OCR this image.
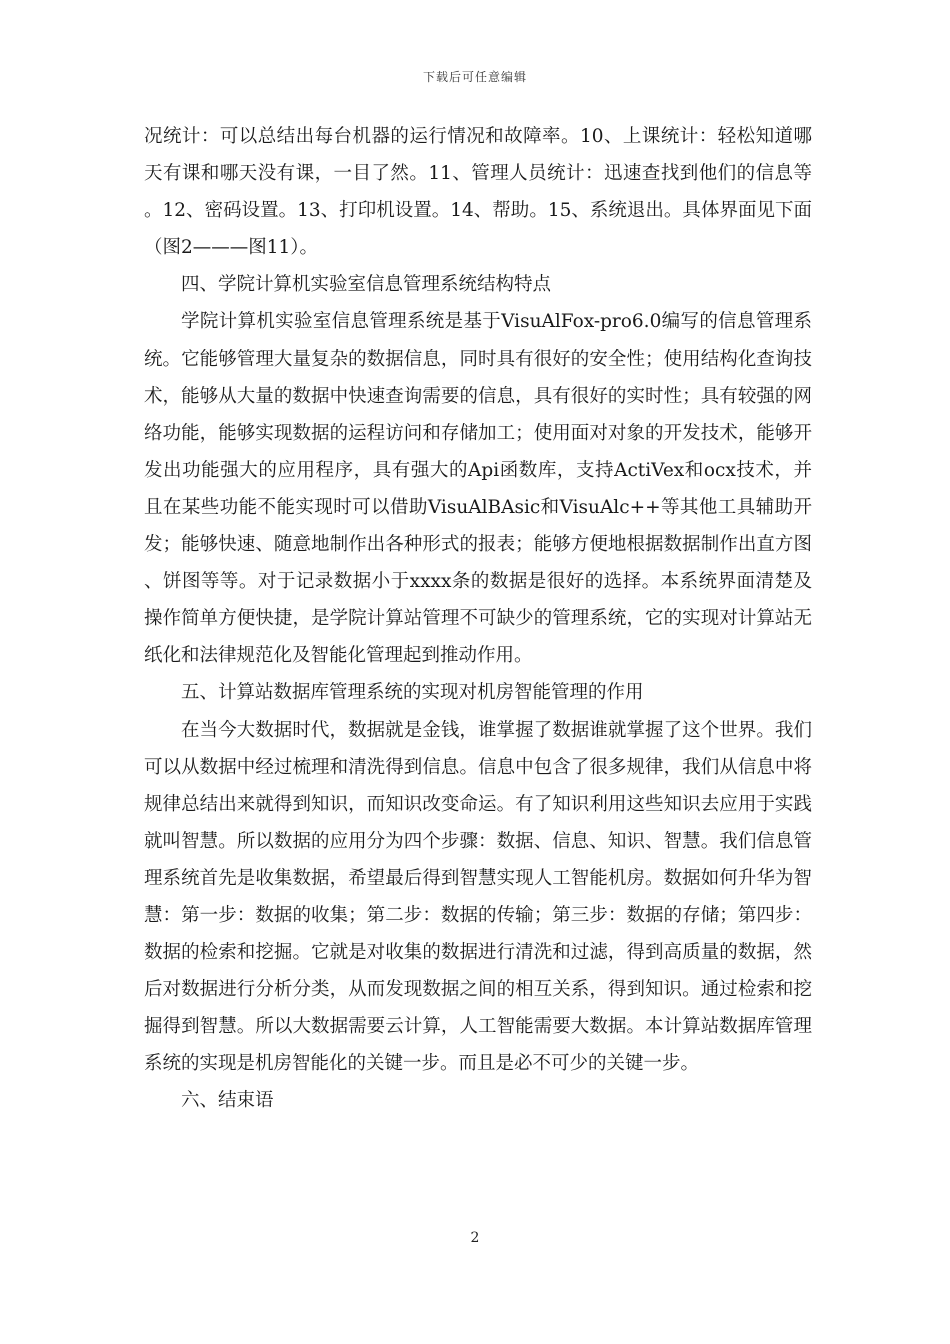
下载后可任意编辑

况统计：可以总结出每台机器的运行情况和故障率。10、上课统计：轻松知道哪天有课和哪天没有课，一目了然。11、管理人员统计：迅速查找到他们的信息等。12、密码设置。13、打印机设置。14、帮助。15、系统退出。具体界面见下面（图2———图11）。

四、学院计算机实验室信息管理系统结构特点

学院计算机实验室信息管理系统是基于VisuAlFox-pro6.0编写的信息管理系统。它能够管理大量复杂的数据信息，同时具有很好的安全性；使用结构化查询技术，能够从大量的数据中快速查询需要的信息，具有很好的实时性；具有较强的网络功能，能够实现数据的运程访问和存储加工；使用面对对象的开发技术，能够开发出功能强大的应用程序，具有强大的Api函数库，支持ActiVex和ocx技术，并且在某些功能不能实现时可以借助VisuAlBAsic和VisuAlc++等其他工具辅助开发；能够快速、随意地制作出各种形式的报表；能够方便地根据数据制作出直方图、饼图等等。对于记录数据小于xxxx条的数据是很好的选择。本系统界面清楚及操作简单方便快捷，是学院计算站管理不可缺少的管理系统，它的实现对计算站无纸化和法律规范化及智能化管理起到推动作用。

五、计算站数据库管理系统的实现对机房智能管理的作用

在当今大数据时代，数据就是金钱，谁掌握了数据谁就掌握了这个世界。我们可以从数据中经过梳理和清洗得到信息。信息中包含了很多规律，我们从信息中将规律总结出来就得到知识，而知识改变命运。有了知识利用这些知识去应用于实践就叫智慧。所以数据的应用分为四个步骤：数据、信息、知识、智慧。我们信息管理系统首先是收集数据，希望最后得到智慧实现人工智能机房。数据如何升华为智慧：第一步：数据的收集；第二步：数据的传输；第三步：数据的存储；第四步：数据的检索和挖掘。它就是对收集的数据进行清洗和过滤，得到高质量的数据，然后对数据进行分析分类，从而发现数据之间的相互关系，得到知识。通过检索和挖掘得到智慧。所以大数据需要云计算，人工智能需要大数据。本计算站数据库管理系统的实现是机房智能化的关键一步。而且是必不可少的关键一步。

六、结束语

2
